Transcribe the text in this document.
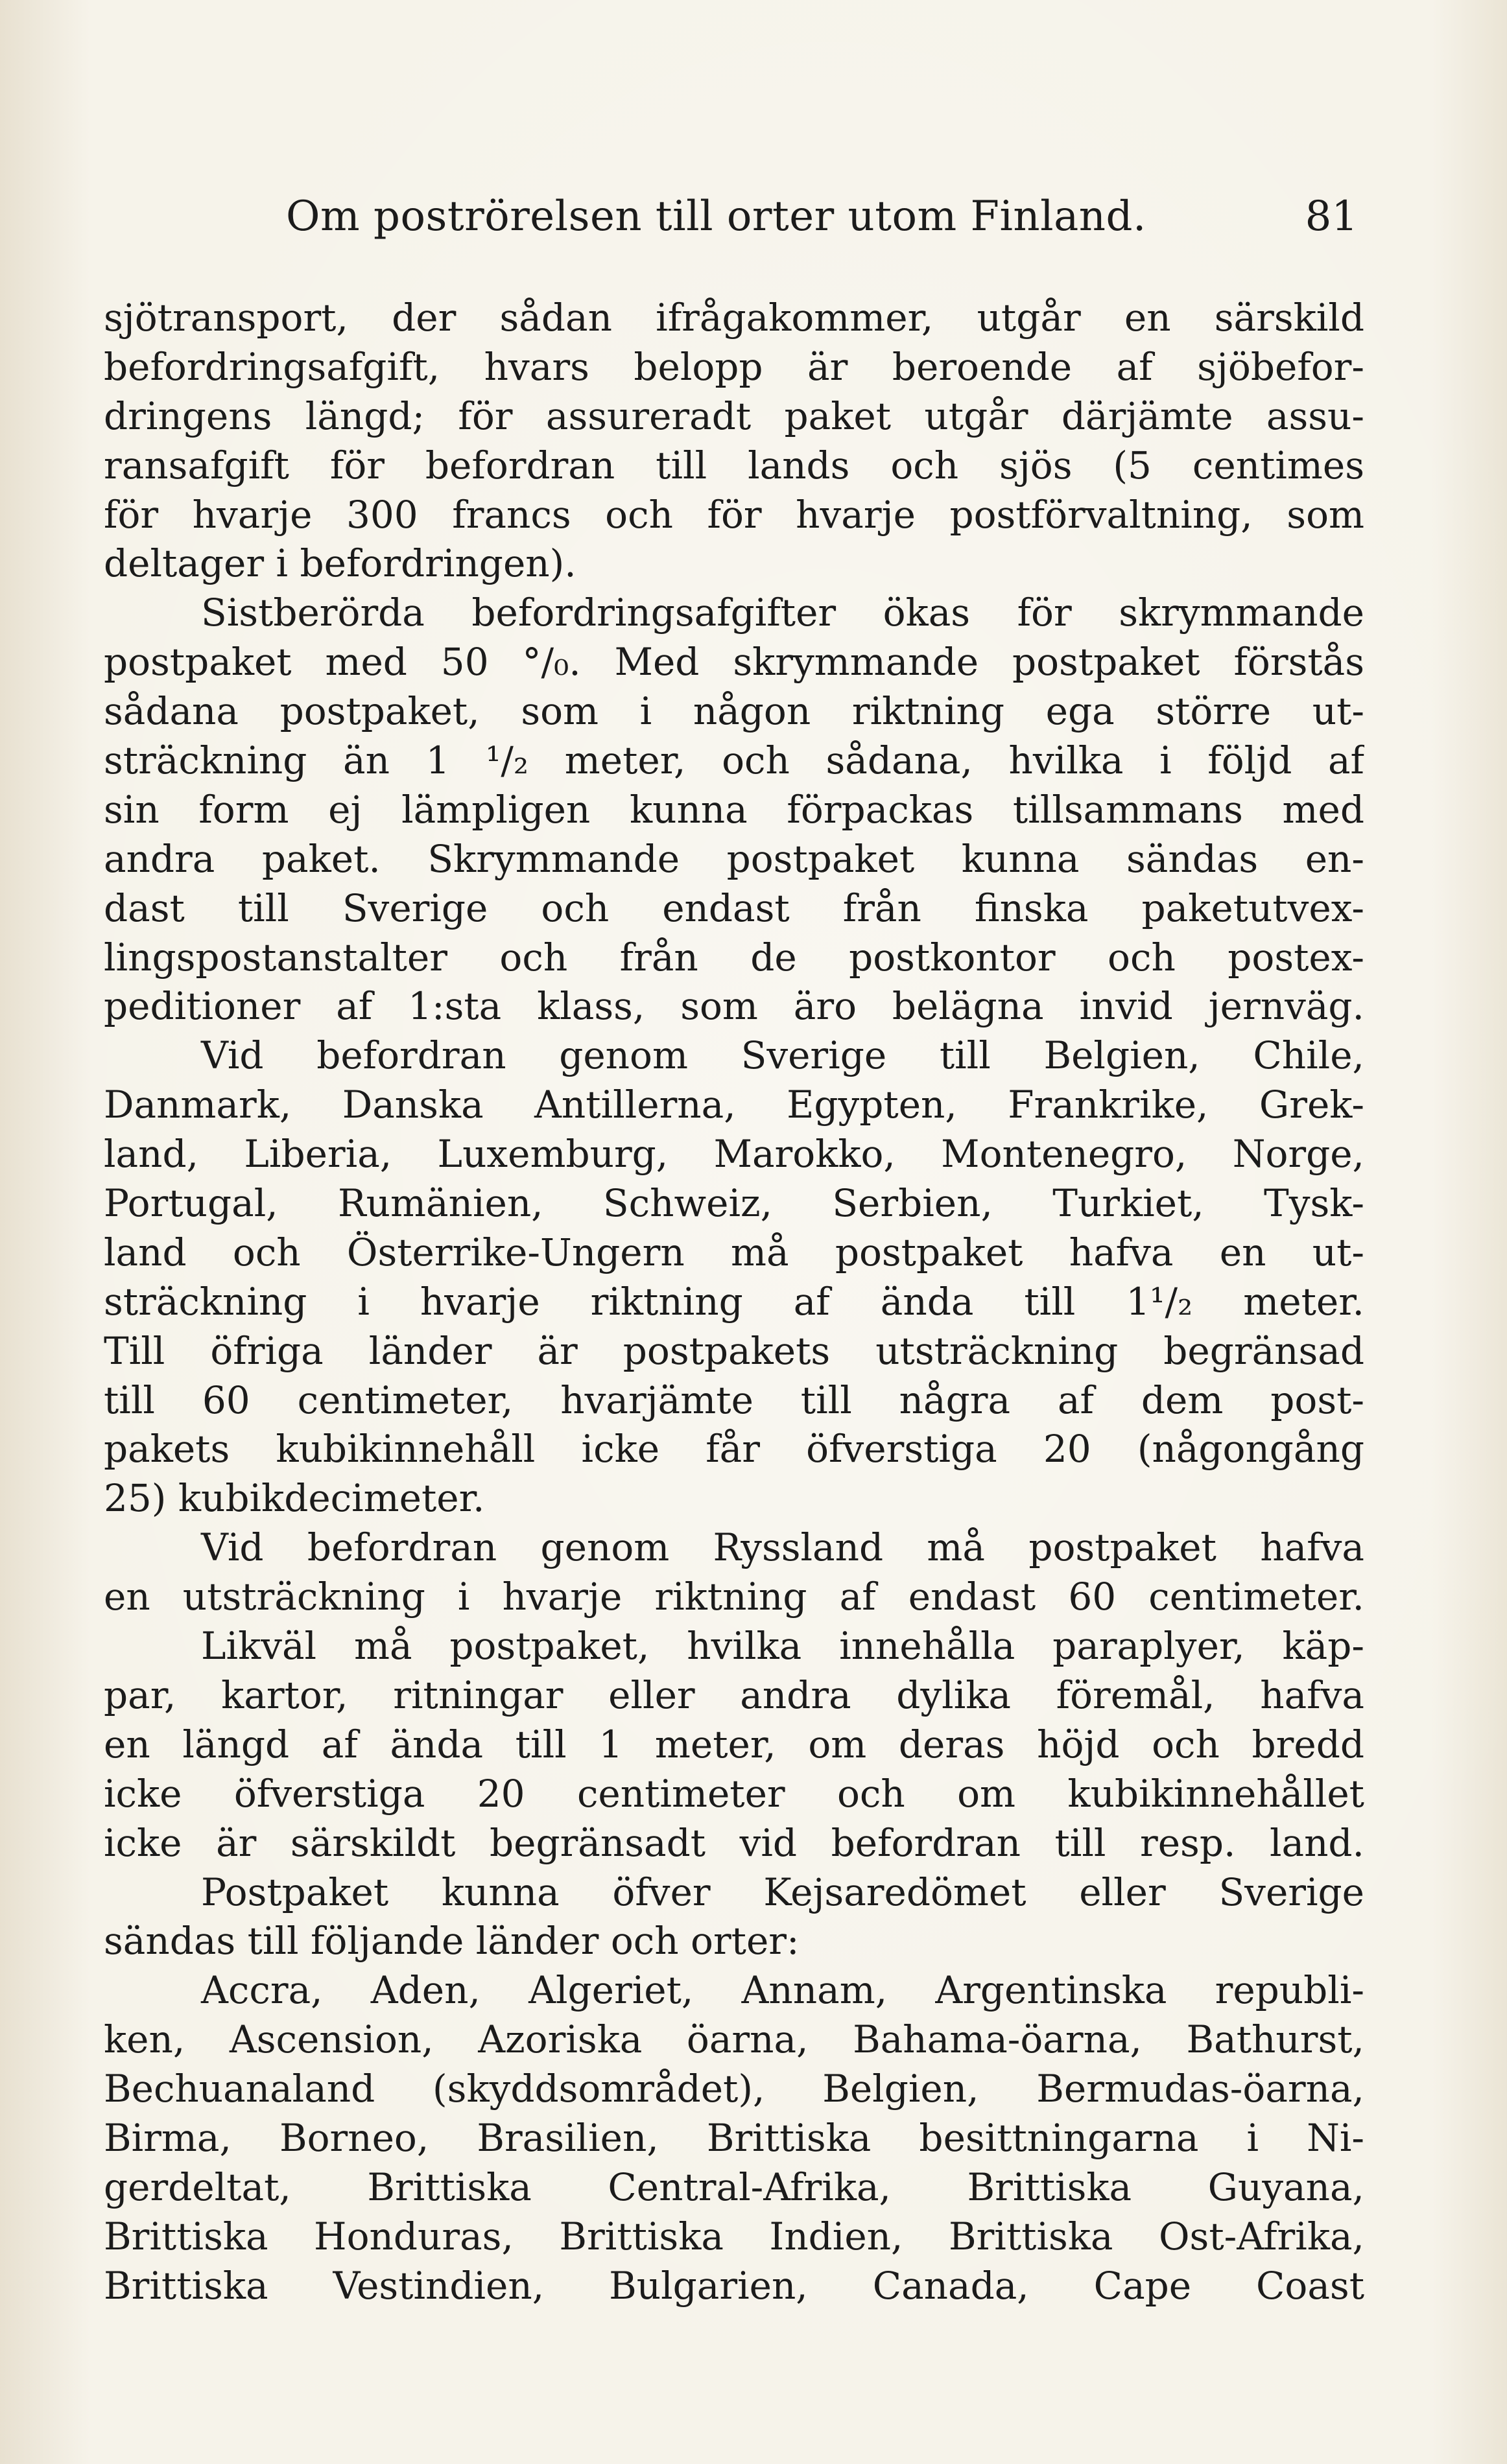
Om poströrelsen till orter utom Finland.	81
sjötransport, der sådan ifrågakommer, utgår en särskild
befordringsafgift, hvars belopp är beroende af sjöbefor-
dringens längd; för assureradt paket utgår därjämte assu-
ransafgift för befordran till lands och sjös (5 centimes
för hvarje 300 francs och för hvarje postförvaltning, som
deltager i befordringen).
Sistberörda befordringsafgifter ökas för skrymmande
postpaket med 50 °/₀. Med skrymmande postpaket förstås
sådana postpaket, som i någon riktning ega större ut-
sträckning än 1 ¹/₂ meter, och sådana, hvilka i följd af
sin form ej lämpligen kunna förpackas tillsammans med
andra paket. Skrymmande postpaket kunna sändas en-
dast till Sverige och endast från finska paketutvex-
lingspostanstalter och från de postkontor och postex-
peditioner af 1:sta klass, som äro belägna invid jernväg.
Vid befordran genom Sverige till Belgien, Chile,
Danmark, Danska Antillerna, Egypten, Frankrike, Grek-
land, Liberia, Luxemburg, Marokko, Montenegro, Norge,
Portugal, Rumänien, Schweiz, Serbien, Turkiet, Tysk-
land och Österrike-Ungern må postpaket hafva en ut-
sträckning i hvarje riktning af ända till 1¹/₂ meter.
Till öfriga länder är postpakets utsträckning begränsad
till 60 centimeter, hvarjämte till några af dem post-
pakets kubikinnehåll icke får öfverstiga 20 (någongång
25) kubikdecimeter.
Vid befordran genom Ryssland må postpaket hafva
en utsträckning i hvarje riktning af endast 60 centimeter.
Likväl må postpaket, hvilka innehålla paraplyer, käp-
par, kartor, ritningar eller andra dylika föremål, hafva
en längd af ända till 1 meter, om deras höjd och bredd
icke öfverstiga 20 centimeter och om kubikinnehållet
icke är särskildt begränsadt vid befordran till resp. land.
Postpaket kunna öfver Kejsaredömet eller Sverige
sändas till följande länder och orter:
Accra, Aden, Algeriet, Annam, Argentinska republi-
ken, Ascension, Azoriska öarna, Bahama-öarna, Bathurst,
Bechuanaland (skyddsområdet), Belgien, Bermudas-öarna,
Birma, Borneo, Brasilien, Brittiska besittningarna i Ni-
gerdeltat, Brittiska Central-Afrika, Brittiska Guyana,
Brittiska Honduras, Brittiska Indien, Brittiska Ost-Afrika,
Brittiska Vestindien, Bulgarien, Canada, Cape Coast
